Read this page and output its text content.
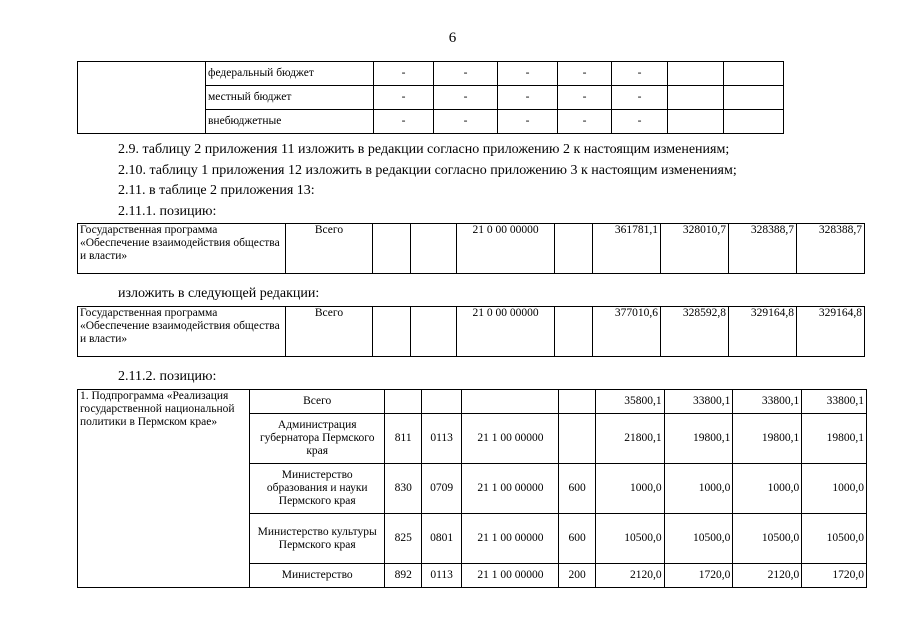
6
	федеральный бюджет	-	-	-	-	-		
	местный бюджет	-	-	-	-	-		
	внебюджетные	-	-	-	-	-		
2.9. таблицу 2 приложения 11 изложить в редакции согласно приложению 2 к настоящим изменениям;
2.10. таблицу 1 приложения 12 изложить в редакции согласно приложению 3 к настоящим изменениям;
2.11. в таблице 2 приложения 13:
2.11.1. позицию:
Государственная программа «Обеспечение взаимодействия общества и власти»	Всего			21 0 00 00000		361781,1	328010,7	328388,7	328388,7
изложить в следующей редакции:
Государственная программа «Обеспечение взаимодействия общества и власти»	Всего			21 0 00 00000		377010,6	328592,8	329164,8	329164,8
2.11.2. позицию:
1. Подпрограмма «Реализация государственной национальной политики в Пермском крае»	Всего					35800,1	33800,1	33800,1	33800,1
	Администрация губернатора Пермского края	811	0113	21 1 00 00000		21800,1	19800,1	19800,1	19800,1
	Министерство образования и науки Пермского края	830	0709	21 1 00 00000	600	1000,0	1000,0	1000,0	1000,0
	Министерство культуры Пермского края	825	0801	21 1 00 00000	600	10500,0	10500,0	10500,0	10500,0
	Министерство	892	0113	21 1 00 00000	200	2120,0	1720,0	2120,0	1720,0
